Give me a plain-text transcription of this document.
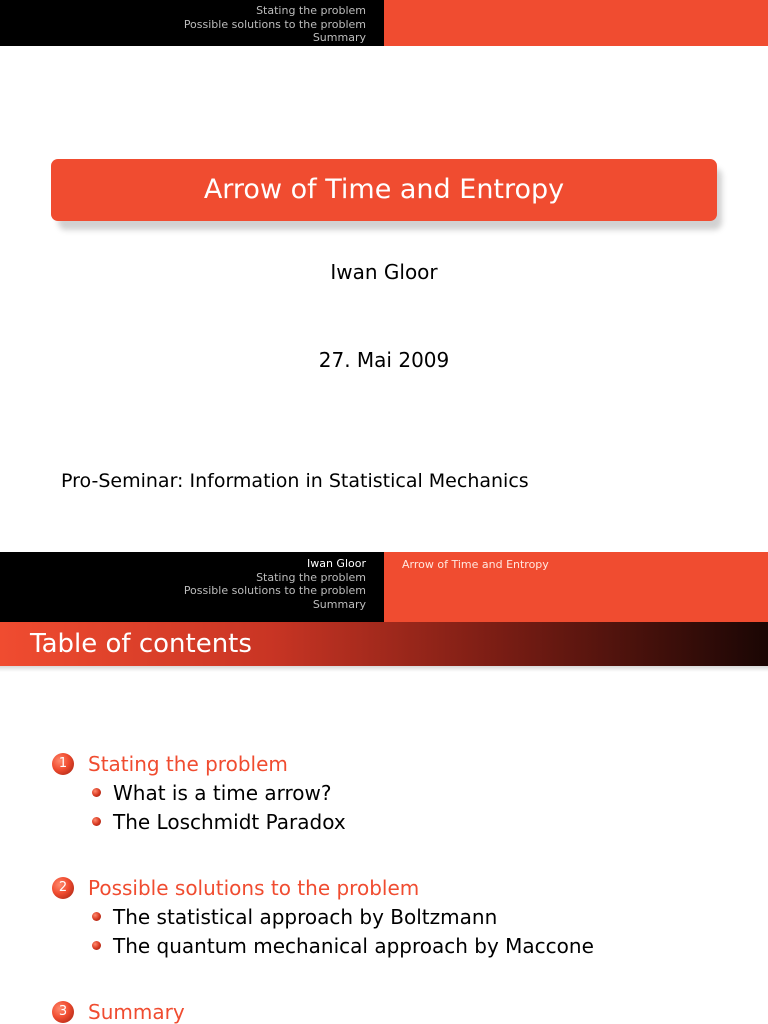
Stating the problem
Possible solutions to the problem
Summary
Arrow of Time and Entropy
Iwan Gloor
27. Mai 2009
Pro-Seminar: Information in Statistical Mechanics
Iwan Gloor
Stating the problem
Possible solutions to the problem
Summary
Arrow of Time and Entropy
Table of contents
1	Stating the problem
What is a time arrow?
The Loschmidt Paradox
2	Possible solutions to the problem
The statistical approach by Boltzmann
The quantum mechanical approach by Maccone
3	Summary
